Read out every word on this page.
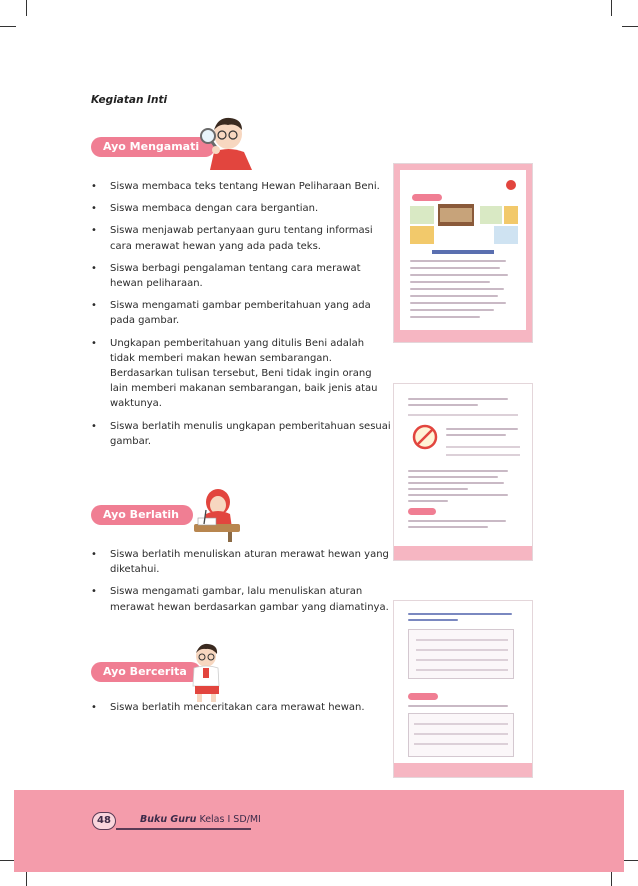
Kegiatan Inti
Ayo Mengamati
• Siswa membaca teks tentang Hewan Peliharaan Beni.
• Siswa membaca dengan cara bergantian.
• Siswa menjawab pertanyaan guru tentang informasi cara merawat hewan yang ada pada teks.
• Siswa berbagi pengalaman tentang cara merawat hewan peliharaan.
• Siswa mengamati gambar pemberitahuan yang ada pada gambar.
• Ungkapan pemberitahuan yang ditulis Beni adalah tidak memberi makan hewan sembarangan. Berdasarkan tulisan tersebut, Beni tidak ingin orang lain memberi makanan sembarangan, baik jenis atau waktunya.
• Siswa berlatih menulis ungkapan pemberitahuan sesuai gambar.
Ayo Berlatih
• Siswa berlatih menuliskan aturan merawat hewan yang diketahui.
• Siswa mengamati gambar, lalu menuliskan aturan merawat hewan berdasarkan gambar yang diamatinya.
Ayo Bercerita
• Siswa berlatih menceritakan cara merawat hewan.
48	Buku Guru Kelas I SD/MI
